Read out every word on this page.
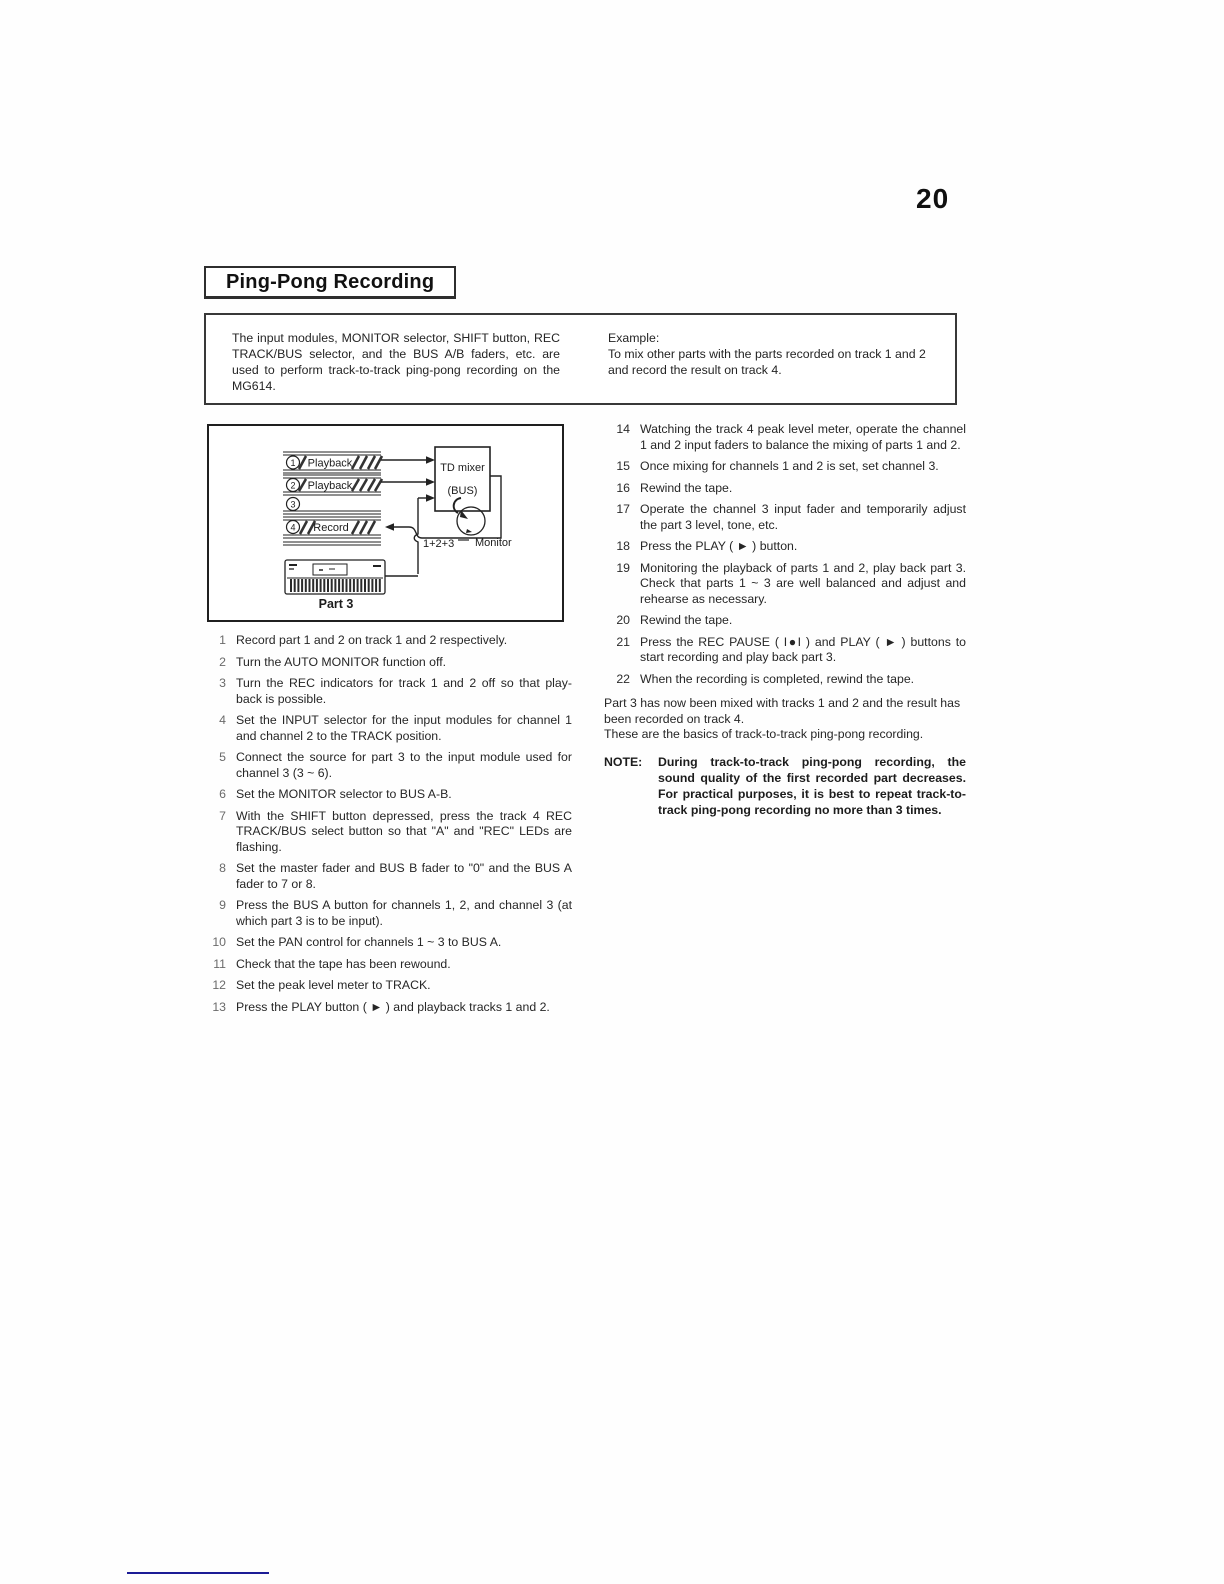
20
Ping-Pong Recording
The input modules, MONITOR selector, SHIFT button, REC TRACK/BUS selector, and the BUS A/B faders, etc. are used to perform track-to-track ping-pong recording on the MG614.
Example:
To mix other parts with the parts recorded on track 1 and 2 and record the result on track 4.
1 Playback
2 Playback
3
4 Record
TD mixer
(BUS)
1+2+3 Monitor
Part 3
1 Record part 1 and 2 on track 1 and 2 respectively.
2 Turn the AUTO MONITOR function off.
3 Turn the REC indicators for track 1 and 2 off so that play-back is possible.
4 Set the INPUT selector for the input modules for channel 1 and channel 2 to the TRACK position.
5 Connect the source for part 3 to the input module used for channel 3 (3 ~ 6).
6 Set the MONITOR selector to BUS A-B.
7 With the SHIFT button depressed, press the track 4 REC TRACK/BUS select button so that "A" and "REC" LEDs are flashing.
8 Set the master fader and BUS B fader to "0" and the BUS A fader to 7 or 8.
9 Press the BUS A button for channels 1, 2, and channel 3 (at which part 3 is to be input).
10 Set the PAN control for channels 1 ~ 3 to BUS A.
11 Check that the tape has been rewound.
12 Set the peak level meter to TRACK.
13 Press the PLAY button ( ► ) and playback tracks 1 and 2.
14 Watching the track 4 peak level meter, operate the channel 1 and 2 input faders to balance the mixing of parts 1 and 2.
15 Once mixing for channels 1 and 2 is set, set channel 3.
16 Rewind the tape.
17 Operate the channel 3 input fader and temporarily adjust the part 3 level, tone, etc.
18 Press the PLAY ( ► ) button.
19 Monitoring the playback of parts 1 and 2, play back part 3. Check that parts 1 ~ 3 are well balanced and adjust and rehearse as necessary.
20 Rewind the tape.
21 Press the REC PAUSE ( I●I ) and PLAY ( ► ) buttons to start recording and play back part 3.
22 When the recording is completed, rewind the tape.

Part 3 has now been mixed with tracks 1 and 2 and the result has been recorded on track 4.

These are the basics of track-to-track ping-pong recording.

NOTE:	During track-to-track ping-pong recording, the sound quality of the first recorded part decreases. For practical purposes, it is best to repeat track-to-track ping-pong recording no more than 3 times.
